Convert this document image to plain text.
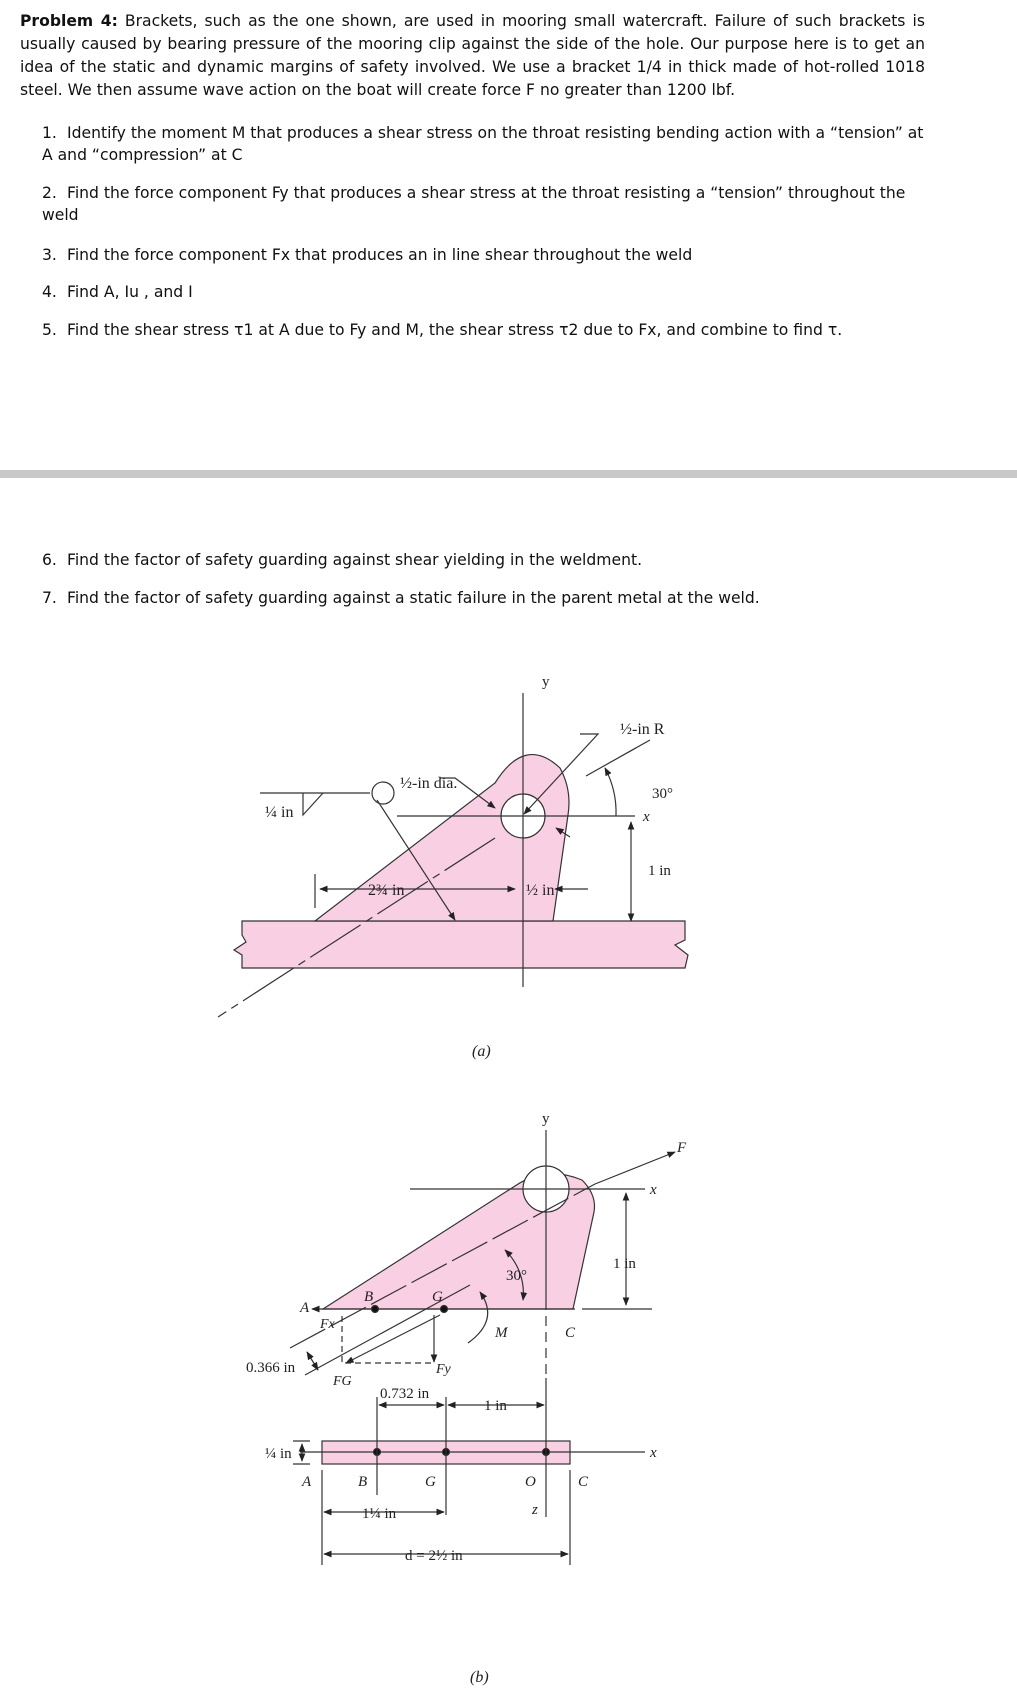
Problem 4: Brackets, such as the one shown, are used in mooring small watercraft. Failure of such brackets is usually caused by bearing pressure of the mooring clip against the side of the hole. Our purpose here is to get an idea of the static and dynamic margins of safety involved. We use a bracket 1/4 in thick made of hot-rolled 1018 steel. We then assume wave action on the boat will create force F no greater than 1200 lbf.
1. Identify the moment M that produces a shear stress on the throat resisting bending action with a “tension” at A and “compression” at C
2. Find the force component Fy that produces a shear stress at the throat resisting a “tension” throughout the weld
3. Find the force component Fx that produces an in line shear throughout the weld
4. Find A, Iu , and I
5. Find the shear stress τ1 at A due to Fy and M, the shear stress τ2 due to Fx, and combine to find τ.
6. Find the factor of safety guarding against shear yielding in the weldment.
7. Find the factor of safety guarding against a static failure in the parent metal at the weld.
y
x
½-in R
½-in dia.
¼ in
30°
1 in
2¾ in	½ in
(a)
y
F
x
30°
1 in
A
B	G
M	C
Fx
Fy
FG
0.366 in
0.732 in
1 in
¼ in	x
A	B	G	O	C
z
1¼ in
d = 2½ in
(b)
